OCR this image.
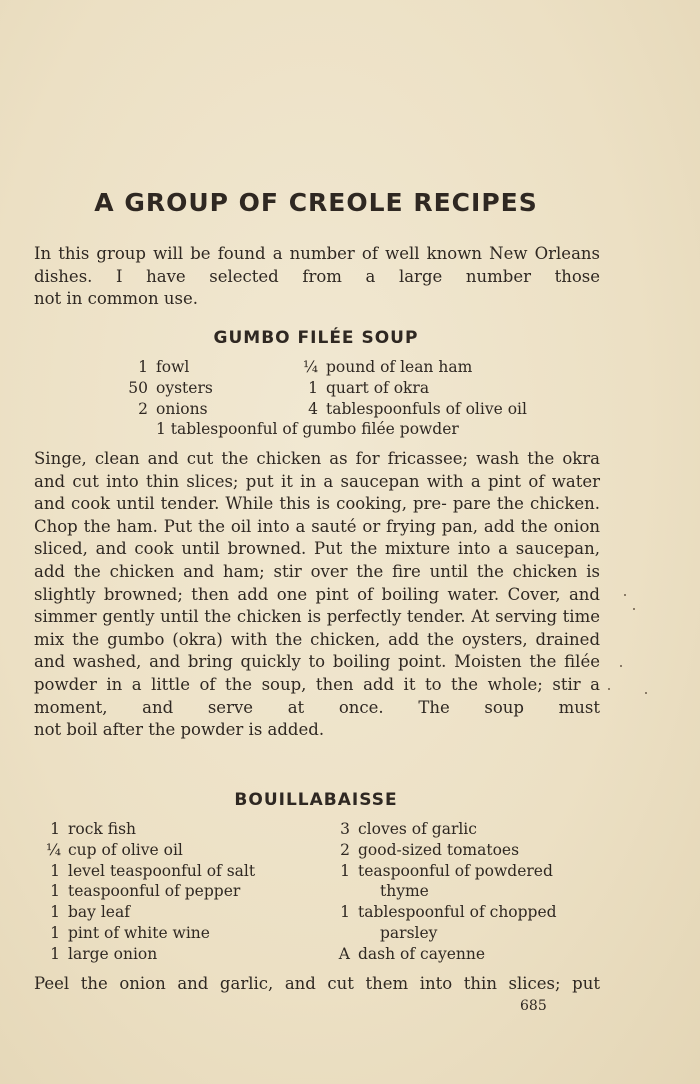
A GROUP OF CREOLE RECIPES

In this group will be found a number of well known New Orleans dishes. I have selected from a large number those
not in common use.

GUMBO FILÉE SOUP
1 fowl
50 oysters
2 onions
¼ pound of lean ham
1 quart of okra
4 tablespoonfuls of olive oil
1 tablespoonful of gumbo filée powder

Singe, clean and cut the chicken as for fricassee; wash the okra and cut into thin slices; put it in a saucepan with a pint of water and cook until tender. While this is cooking, pre- pare the chicken. Chop the ham. Put the oil into a sauté or frying pan, add the onion sliced, and cook until browned. Put the mixture into a saucepan, add the chicken and ham; stir over the fire until the chicken is slightly browned; then add one pint of boiling water. Cover, and simmer gently until the chicken is perfectly tender. At serving time mix the gumbo (okra) with the chicken, add the oysters, drained and washed, and bring quickly to boiling point. Moisten the filée powder in a little of the soup, then add it to the whole; stir a moment, and serve at once. The soup must
not boil after the powder is added.

BOUILLABAISSE
1 rock fish
¼ cup of olive oil
1 level teaspoonful of salt
1 teaspoonful of pepper
1 bay leaf
1 pint of white wine
1 large onion
3 cloves of garlic
2 good-sized tomatoes
1 teaspoonful of powdered
thyme
1 tablespoonful of chopped
parsley
A dash of cayenne

Peel the onion and garlic, and cut them into thin slices; put

685
